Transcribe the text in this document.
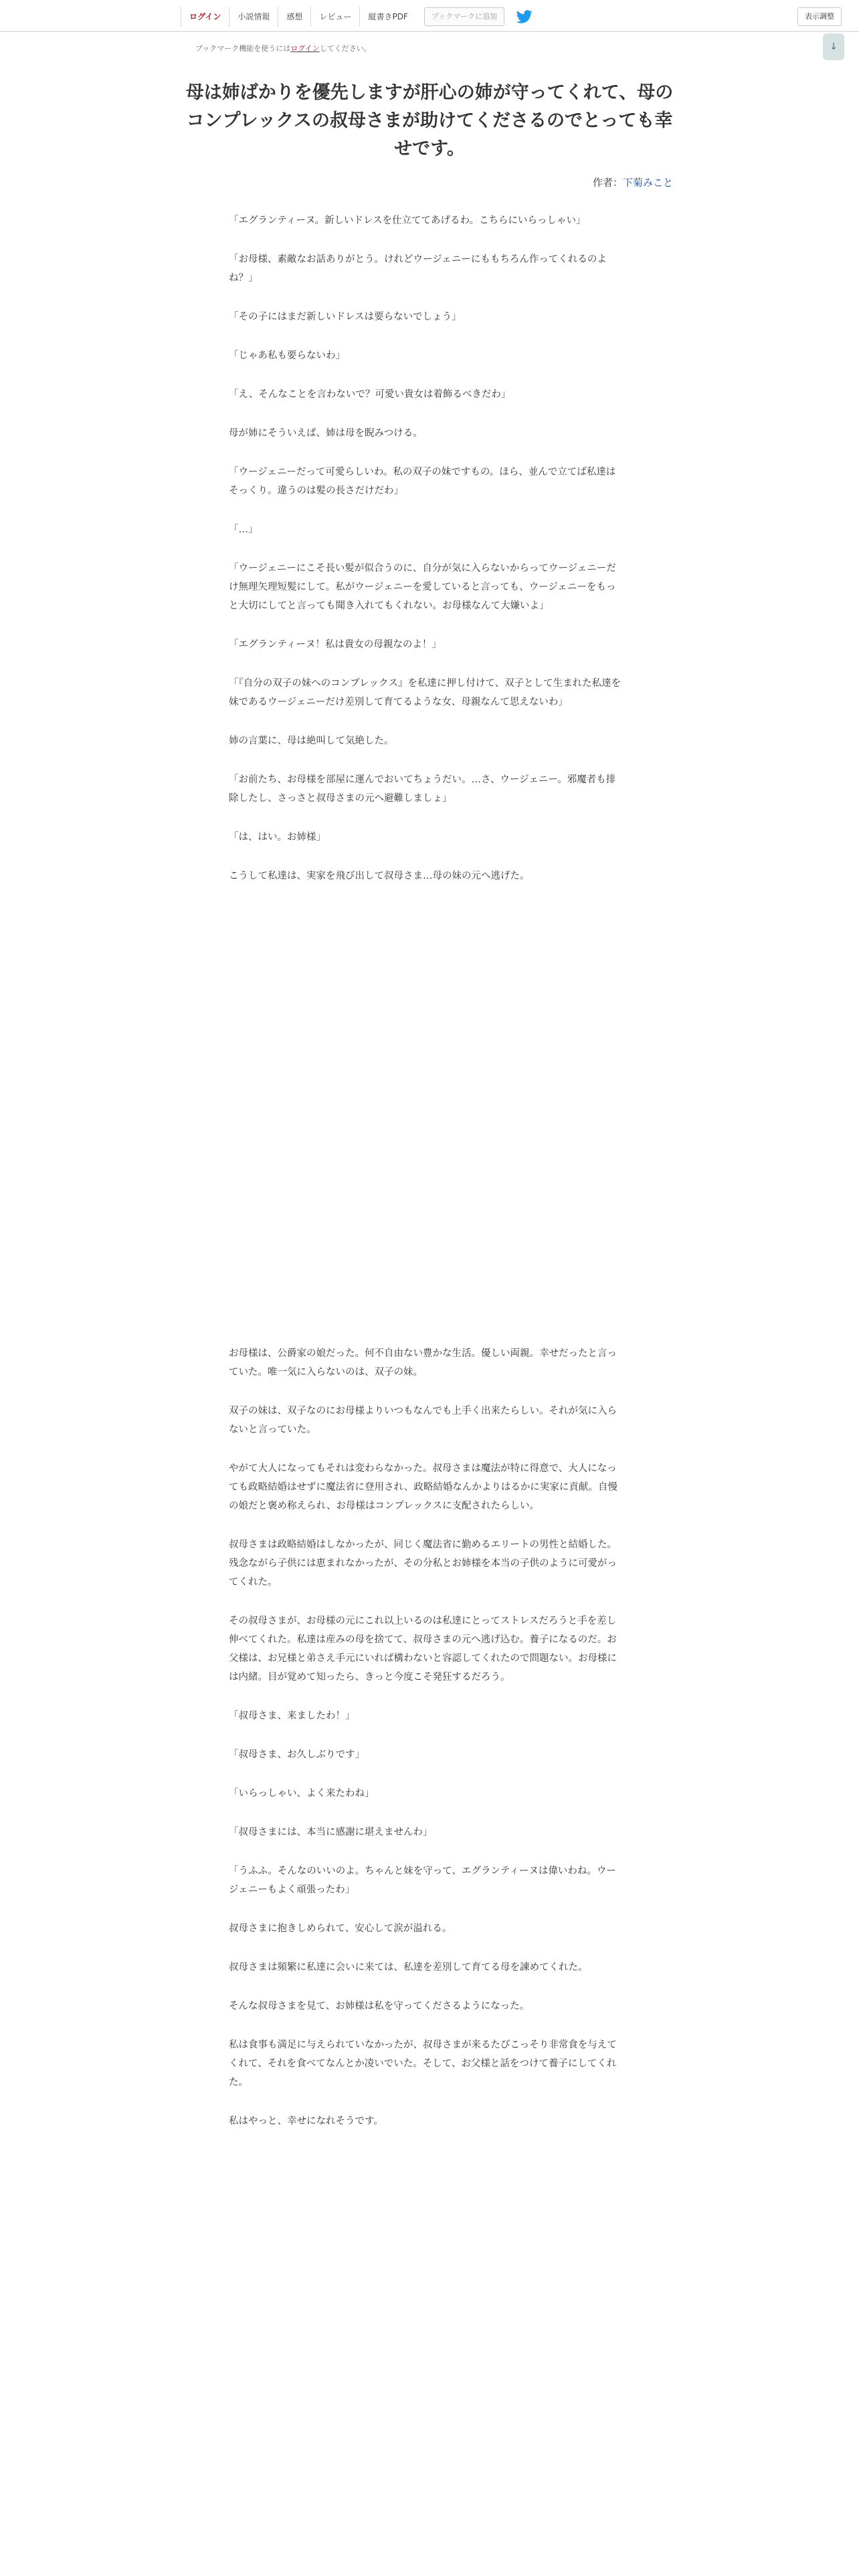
ログイン	小説情報	感想	レビュー	縦書きPDF	ブックマークに追加	表示調整
ブックマーク機能を使うにはログインしてください。	↓
母は姉ばかりを優先しますが肝心の姉が守ってくれて、母のコンプレックスの叔母さまが助けてくださるのでとっても幸せです。
作者：下菊みこと

「エグランティーヌ。新しいドレスを仕立ててあげるわ。こちらにいらっしゃい」

「お母様、素敵なお話ありがとう。けれどウージェニーにももちろん作ってくれるのよね？」

「その子にはまだ新しいドレスは要らないでしょう」

「じゃあ私も要らないわ」

「え、そんなことを言わないで？可愛い貴女は着飾るべきだわ」

母が姉にそういえば、姉は母を睨みつける。

「ウージェニーだって可愛らしいわ。私の双子の妹ですもの。ほら、並んで立てば私達はそっくり。違うのは髪の長さだけだわ」

「…」

「ウージェニーにこそ長い髪が似合うのに、自分が気に入らないからってウージェニーだけ無理矢理短髪にして。私がウージェニーを愛していると言っても、ウージェニーをもっと大切にしてと言っても聞き入れてもくれない。お母様なんて大嫌いよ」

「エグランティーヌ！私は貴女の母親なのよ！」

「『自分の双子の妹へのコンプレックス』を私達に押し付けて、双子として生まれた私達を妹であるウージェニーだけ差別して育てるような女、母親なんて思えないわ」

姉の言葉に、母は絶叫して気絶した。

「お前たち、お母様を部屋に運んでおいてちょうだい。…さ、ウージェニー。邪魔者も排除したし、さっさと叔母さまの元へ避難しましょ」

「は、はい。お姉様」

こうして私達は、実家を飛び出して叔母さま…母の妹の元へ逃げた。

お母様は、公爵家の娘だった。何不自由ない豊かな生活。優しい両親。幸せだったと言っていた。唯一気に入らないのは、双子の妹。

双子の妹は、双子なのにお母様よりいつもなんでも上手く出来たらしい。それが気に入らないと言っていた。

やがて大人になってもそれは変わらなかった。叔母さまは魔法が特に得意で、大人になっても政略結婚はせずに魔法省に登用され、政略結婚なんかよりはるかに実家に貢献。自慢の娘だと褒め称えられ、お母様はコンプレックスに支配されたらしい。

叔母さまは政略結婚はしなかったが、同じく魔法省に勤めるエリートの男性と結婚した。残念ながら子供には恵まれなかったが、その分私とお姉様を本当の子供のように可愛がってくれた。

その叔母さまが、お母様の元にこれ以上いるのは私達にとってストレスだろうと手を差し伸べてくれた。私達は産みの母を捨てて、叔母さまの元へ逃げ込む。養子になるのだ。お父様は、お兄様と弟さえ手元にいれば構わないと容認してくれたので問題ない。お母様には内緒。目が覚めて知ったら、きっと今度こそ発狂するだろう。

「叔母さま、来ましたわ！」

「叔母さま、お久しぶりです」

「いらっしゃい、よく来たわね」

「叔母さまには、本当に感謝に堪えませんわ」

「うふふ。そんなのいいのよ。ちゃんと妹を守って、エグランティーヌは偉いわね。ウージェニーもよく頑張ったわ」

叔母さまに抱きしめられて、安心して涙が溢れる。

叔母さまは頻繁に私達に会いに来ては、私達を差別して育てる母を諫めてくれた。

そんな叔母さまを見て、お姉様は私を守ってくださるようになった。

私は食事も満足に与えられていなかったが、叔母さまが来るたびこっそり非常食を与えてくれて、それを食べてなんとか凌いでいた。そして、お父様と話をつけて養子にしてくれた。

私はやっと、幸せになれそうです。
